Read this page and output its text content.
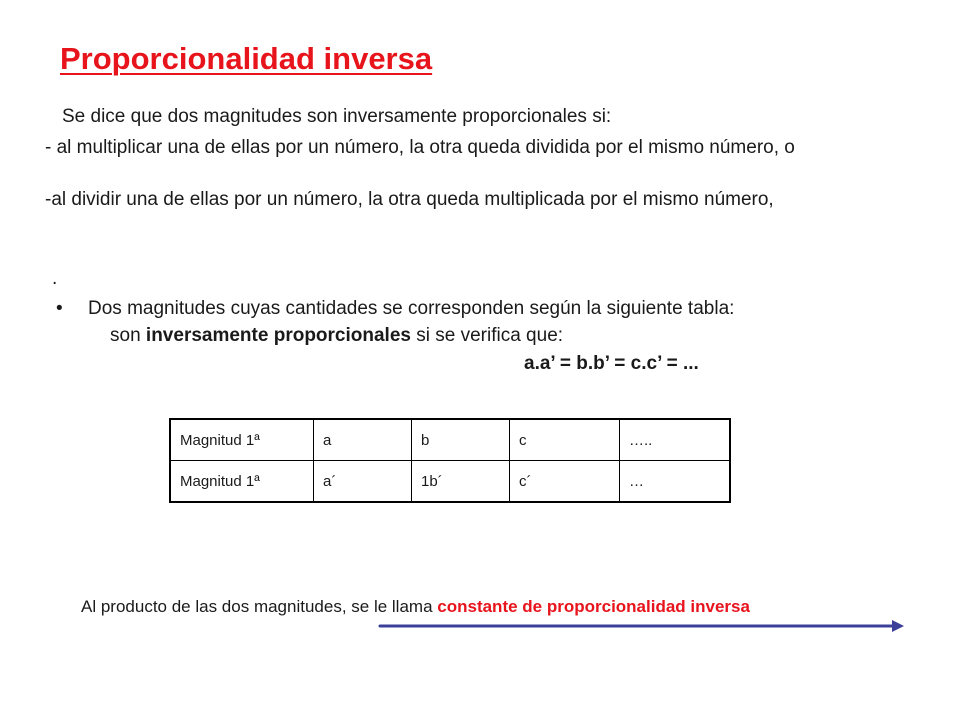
Proporcionalidad inversa

Se dice que dos magnitudes son inversamente proporcionales si:

- al multiplicar una de ellas por un número, la otra queda dividida por el mismo número, o

-al dividir una de ellas por un número, la otra queda multiplicada por el mismo número,

.

• Dos magnitudes cuyas cantidades se corresponden según la siguiente tabla:

son inversamente proporcionales si se verifica que:

a.a’ = b.b’ = c.c’ = ...

Magnitud 1ª	a	b	c	…..
Magnitud 1ª	a´	1b´	c´	…

Al producto de las dos magnitudes, se le llama constante de proporcionalidad inversa
